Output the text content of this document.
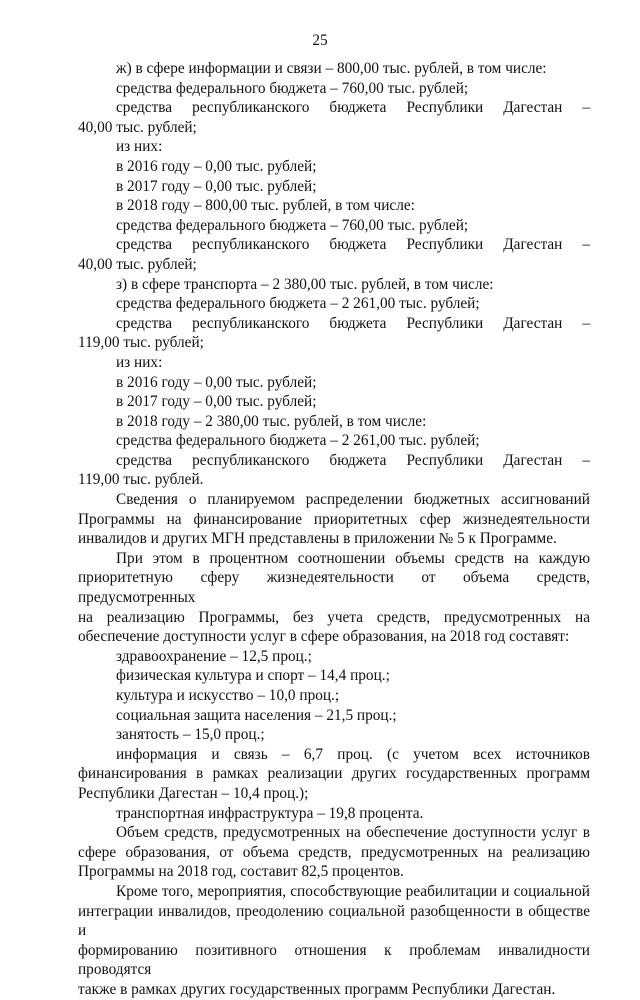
25
ж) в сфере информации и связи – 800,00 тыс. рублей, в том числе:
средства федерального бюджета – 760,00 тыс. рублей;
средства республиканского бюджета Республики Дагестан –
40,00 тыс. рублей;
из них:
в 2016 году – 0,00 тыс. рублей;
в 2017 году – 0,00 тыс. рублей;
в 2018 году – 800,00 тыс. рублей, в том числе:
средства федерального бюджета – 760,00 тыс. рублей;
средства республиканского бюджета Республики Дагестан –
40,00 тыс. рублей;
з) в сфере транспорта – 2 380,00 тыс. рублей, в том числе:
средства федерального бюджета – 2 261,00 тыс. рублей;
средства республиканского бюджета Республики Дагестан –
119,00 тыс. рублей;
из них:
в 2016 году – 0,00 тыс. рублей;
в 2017 году – 0,00 тыс. рублей;
в 2018 году – 2 380,00 тыс. рублей, в том числе:
средства федерального бюджета – 2 261,00 тыс. рублей;
средства республиканского бюджета Республики Дагестан –
119,00 тыс. рублей.
Сведения о планируемом распределении бюджетных ассигнований
Программы на финансирование приоритетных сфер жизнедеятельности
инвалидов и других МГН представлены в приложении № 5 к Программе.
При этом в процентном соотношении объемы средств на каждую
приоритетную сферу жизнедеятельности от объема средств, предусмотренных
на реализацию Программы, без учета средств, предусмотренных на
обеспечение доступности услуг в сфере образования, на 2018 год составят:
здравоохранение – 12,5 проц.;
физическая культура и спорт – 14,4 проц.;
культура и искусство – 10,0 проц.;
социальная защита населения – 21,5 проц.;
занятость – 15,0 проц.;
информация и связь – 6,7 проц. (с учетом всех источников
финансирования в рамках реализации других государственных программ
Республики Дагестан – 10,4 проц.);
транспортная инфраструктура – 19,8 процента.
Объем средств, предусмотренных на обеспечение доступности услуг в
сфере образования, от объема средств, предусмотренных на реализацию
Программы на 2018 год, составит 82,5 процентов.
Кроме того, мероприятия, способствующие реабилитации и социальной
интеграции инвалидов, преодолению социальной разобщенности в обществе и
формированию позитивного отношения к проблемам инвалидности проводятся
также в рамках других государственных программ Республики Дагестан.
